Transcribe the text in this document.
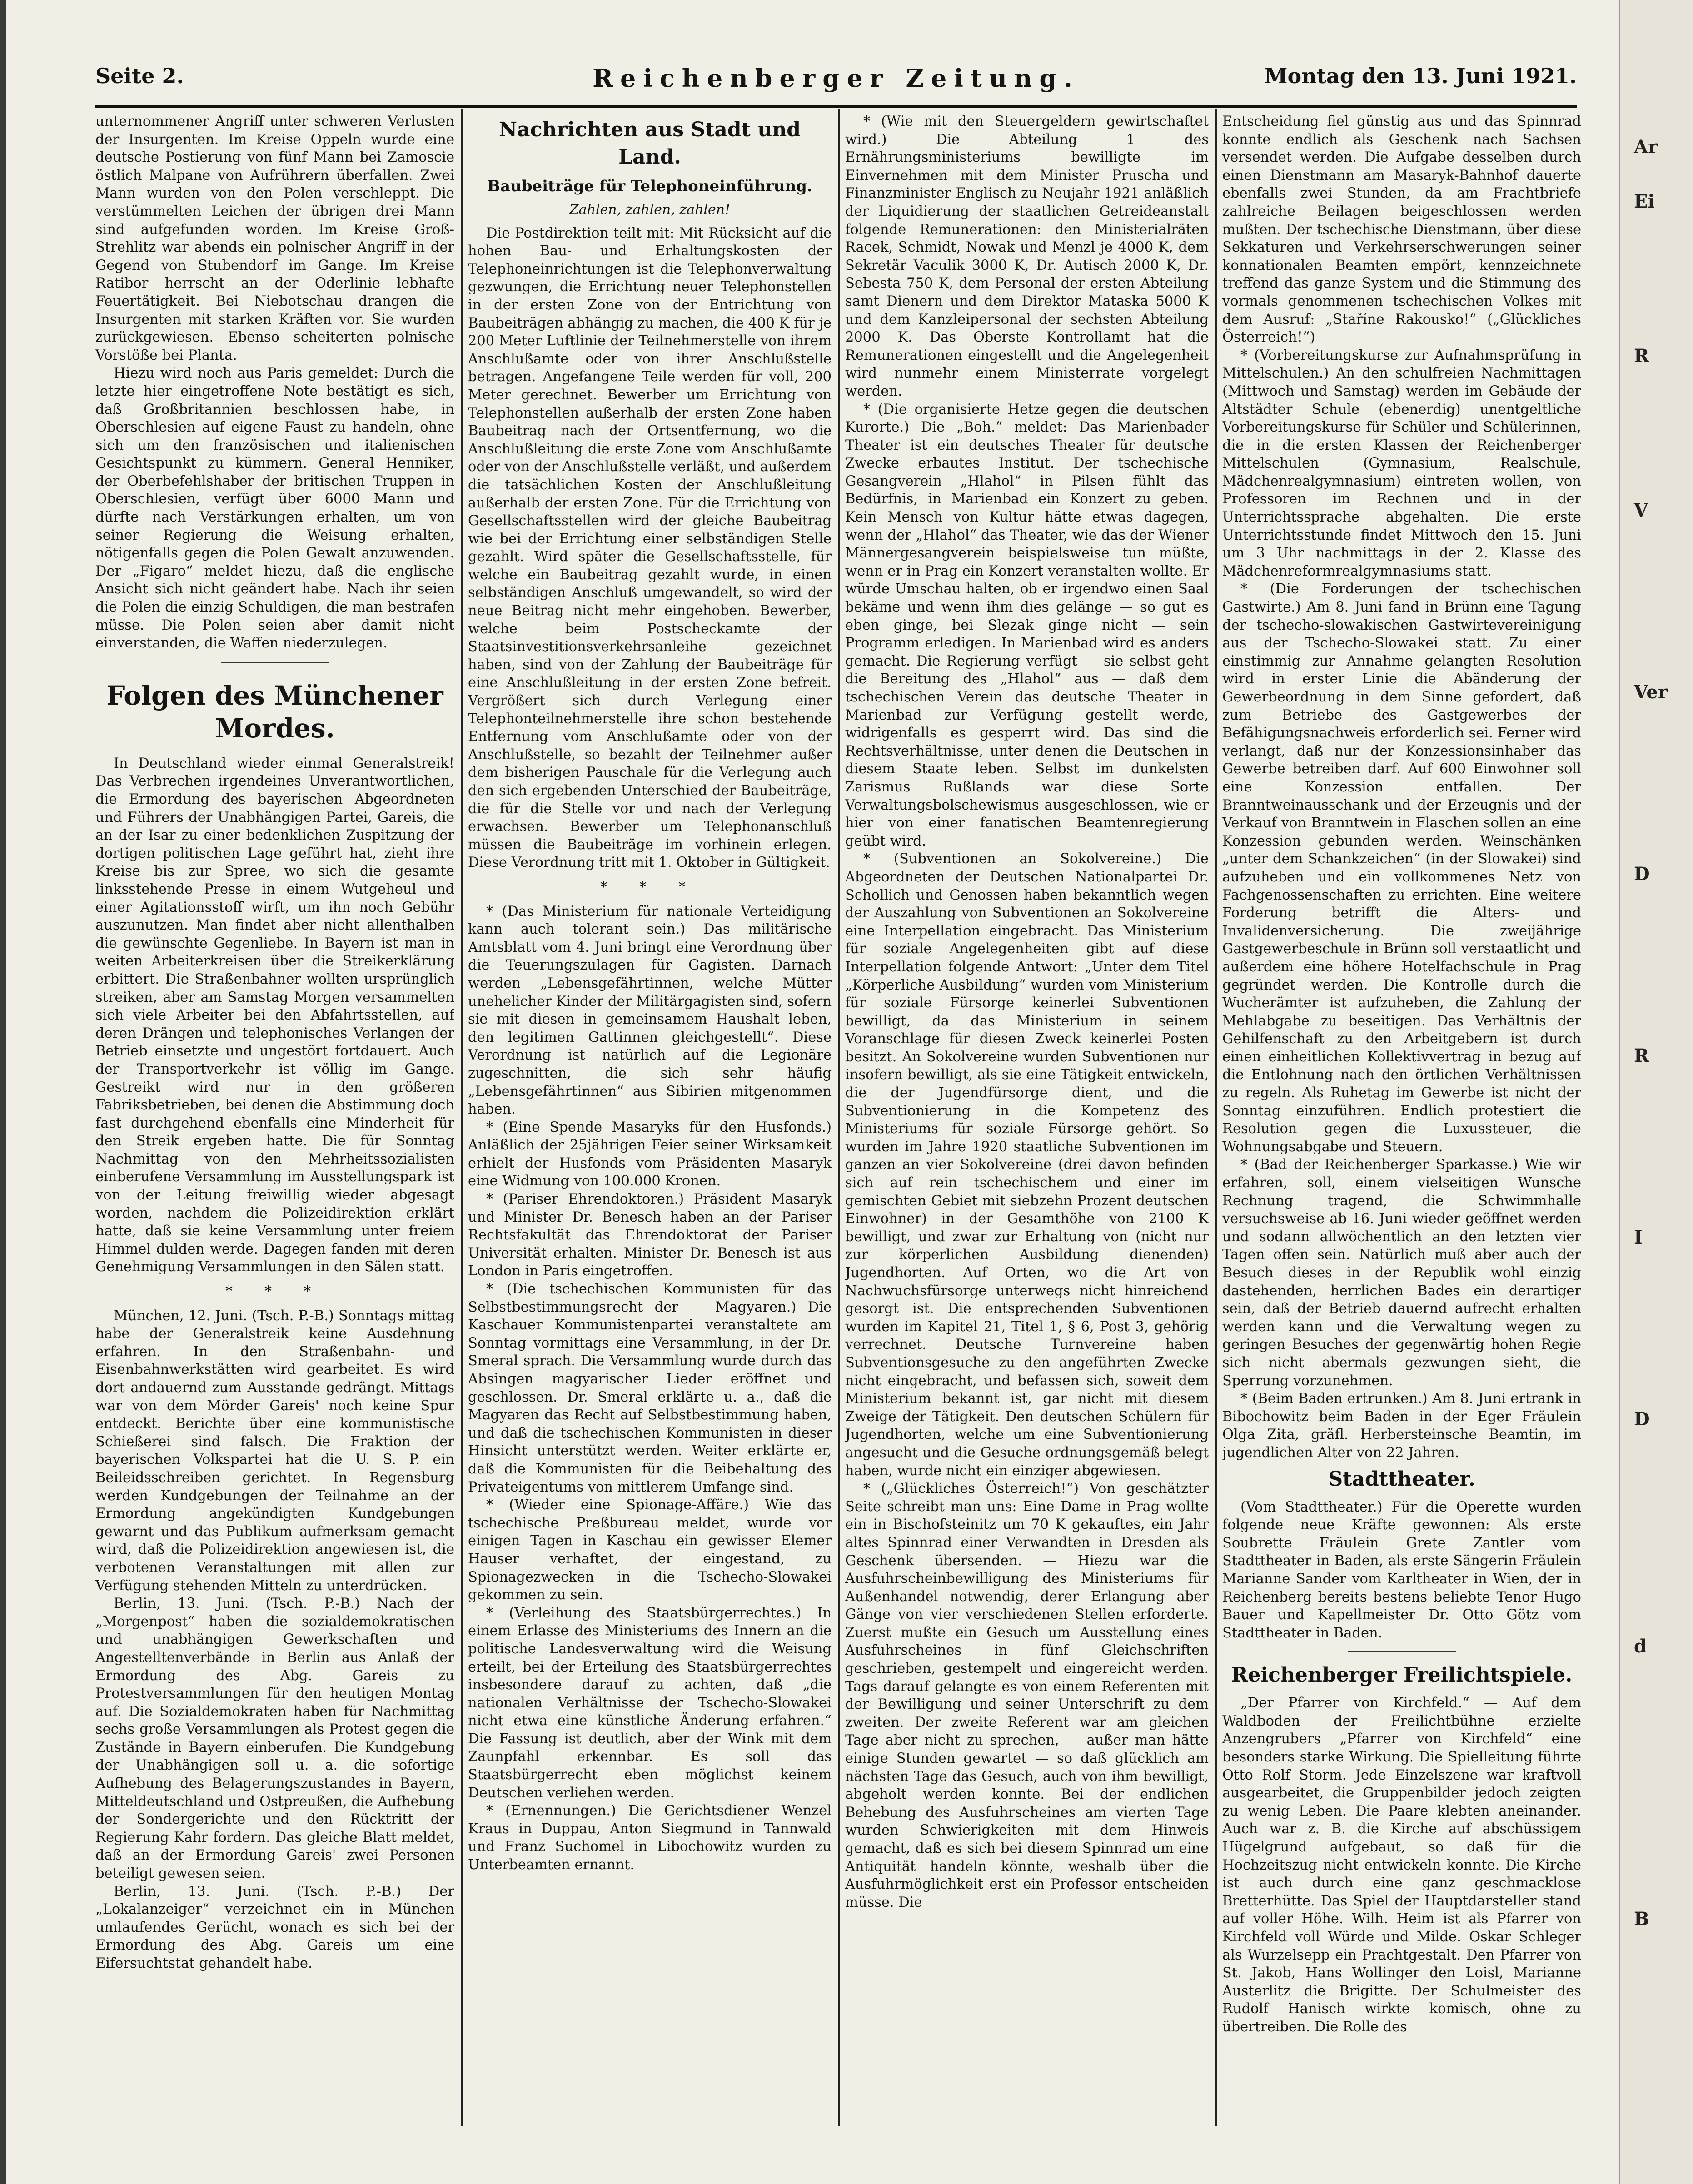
Ar
Ei
R
V
Ver
D
R
I
D
d
B
Reichenberger Zeitung.
Seite 2.	Montag den 13. Juni 1921.

unternommener Angriff unter schweren Verlusten der Insurgenten. Im Kreise Oppeln wurde eine deutsche Postierung von fünf Mann bei Zamoscie östlich Malpane von Aufrührern überfallen. Zwei Mann wurden von den Polen verschleppt. Die verstümmelten Leichen der übrigen drei Mann sind aufgefunden worden. Im Kreise Groß-Strehlitz war abends ein polnischer Angriff in der Gegend von Stubendorf im Gange. Im Kreise Ratibor herrscht an der Oderlinie lebhafte Feuertätigkeit. Bei Niebotschau drangen die Insurgenten mit starken Kräften vor. Sie wurden zurückgewiesen. Ebenso scheiterten polnische Vorstöße bei Planta.

Hiezu wird noch aus Paris gemeldet: Durch die letzte hier eingetroffene Note bestätigt es sich, daß Großbritannien beschlossen habe, in Oberschlesien auf eigene Faust zu handeln, ohne sich um den französischen und italienischen Gesichtspunkt zu kümmern. General Henniker, der Oberbefehlshaber der britischen Truppen in Oberschlesien, verfügt über 6000 Mann und dürfte nach Verstärkungen erhalten, um von seiner Regierung die Weisung erhalten, nötigenfalls gegen die Polen Gewalt anzuwenden. Der „Figaro“ meldet hiezu, daß die englische Ansicht sich nicht geändert habe. Nach ihr seien die Polen die einzig Schuldigen, die man bestrafen müsse. Die Polen seien aber damit nicht einverstanden, die Waffen niederzulegen.

Folgen des Münchener Mordes.

In Deutschland wieder einmal Generalstreik! Das Verbrechen irgendeines Unverantwortlichen, die Ermordung des bayerischen Abgeordneten und Führers der Unabhängigen Partei, Gareis, die an der Isar zu einer bedenklichen Zuspitzung der dortigen politischen Lage geführt hat, zieht ihre Kreise bis zur Spree, wo sich die gesamte linksstehende Presse in einem Wutgeheul und einer Agitationsstoff wirft, um ihn noch Gebühr auszunutzen. Man findet aber nicht allenthalben die gewünschte Gegenliebe. In Bayern ist man in weiten Arbeiterkreisen über die Streikerklärung erbittert. Die Straßenbahner wollten ursprünglich streiken, aber am Samstag Morgen versammelten sich viele Arbeiter bei den Abfahrtsstellen, auf deren Drängen und telephonisches Verlangen der Betrieb einsetzte und ungestört fortdauert. Auch der Transportverkehr ist völlig im Gange. Gestreikt wird nur in den größeren Fabriksbetrieben, bei denen die Abstimmung doch fast durchgehend ebenfalls eine Minderheit für den Streik ergeben hatte. Die für Sonntag Nachmittag von den Mehrheitssozialisten einberufene Versammlung im Ausstellungspark ist von der Leitung freiwillig wieder abgesagt worden, nachdem die Polizeidirektion erklärt hatte, daß sie keine Versammlung unter freiem Himmel dulden werde. Dagegen fanden mit deren Genehmigung Versammlungen in den Sälen statt.

* * *

München, 12. Juni. (Tsch. P.-B.) Sonntags mittag habe der Generalstreik keine Ausdehnung erfahren. In den Straßenbahn- und Eisenbahnwerkstätten wird gearbeitet. Es wird dort andauernd zum Ausstande gedrängt. Mittags war von dem Mörder Gareis' noch keine Spur entdeckt. Berichte über eine kommunistische Schießerei sind falsch. Die Fraktion der bayerischen Volkspartei hat die U. S. P. ein Beileidsschreiben gerichtet. In Regensburg werden Kundgebungen der Teilnahme an der Ermordung angekündigten Kundgebungen gewarnt und das Publikum aufmerksam gemacht wird, daß die Polizeidirektion angewiesen ist, die verbotenen Veranstaltungen mit allen zur Verfügung stehenden Mitteln zu unterdrücken.

Berlin, 13. Juni. (Tsch. P.-B.) Nach der „Morgenpost“ haben die sozialdemokratischen und unabhängigen Gewerkschaften und Angestelltenverbände in Berlin aus Anlaß der Ermordung des Abg. Gareis zu Protestversammlungen für den heutigen Montag auf. Die Sozialdemokraten haben für Nachmittag sechs große Versammlungen als Protest gegen die Zustände in Bayern einberufen. Die Kundgebung der Unabhängigen soll u. a. die sofortige Aufhebung des Belagerungszustandes in Bayern, Mitteldeutschland und Ostpreußen, die Aufhebung der Sondergerichte und den Rücktritt der Regierung Kahr fordern. Das gleiche Blatt meldet, daß an der Ermordung Gareis' zwei Personen beteiligt gewesen seien.

Berlin, 13. Juni. (Tsch. P.-B.) Der „Lokalanzeiger“ verzeichnet ein in München umlaufendes Gerücht, wonach es sich bei der Ermordung des Abg. Gareis um eine Eifersuchtstat gehandelt habe.

Nachrichten aus Stadt und Land.
Baubeiträge für Telephoneinführung.
Zahlen, zahlen, zahlen!

Die Postdirektion teilt mit: Mit Rücksicht auf die hohen Bau- und Erhaltungskosten der Telephoneinrichtungen ist die Telephonverwaltung gezwungen, die Errichtung neuer Telephonstellen in der ersten Zone von der Entrichtung von Baubeiträgen abhängig zu machen, die 400 K für je 200 Meter Luftlinie der Teilnehmerstelle von ihrem Anschlußamte oder von ihrer Anschlußstelle betragen. Angefangene Teile werden für voll, 200 Meter gerechnet. Bewerber um Errichtung von Telephonstellen außerhalb der ersten Zone haben Baubeitrag nach der Ortsentfernung, wo die Anschlußleitung die erste Zone vom Anschlußamte oder von der Anschlußstelle verläßt, und außerdem die tatsächlichen Kosten der Anschlußleitung außerhalb der ersten Zone. Für die Errichtung von Gesellschaftsstellen wird der gleiche Baubeitrag wie bei der Errichtung einer selbständigen Stelle gezahlt. Wird später die Gesellschaftsstelle, für welche ein Baubeitrag gezahlt wurde, in einen selbständigen Anschluß umgewandelt, so wird der neue Beitrag nicht mehr eingehoben. Bewerber, welche beim Postscheckamte der Staatsinvestitionsverkehrsanleihe gezeichnet haben, sind von der Zahlung der Baubeiträge für eine Anschlußleitung in der ersten Zone befreit. Vergrößert sich durch Verlegung einer Telephonteilnehmerstelle ihre schon bestehende Entfernung vom Anschlußamte oder von der Anschlußstelle, so bezahlt der Teilnehmer außer dem bisherigen Pauschale für die Verlegung auch den sich ergebenden Unterschied der Baubeiträge, die für die Stelle vor und nach der Verlegung erwachsen. Bewerber um Telephonanschluß müssen die Baubeiträge im vorhinein erlegen. Diese Verordnung tritt mit 1. Oktober in Gültigkeit.

* * *

* (Das Ministerium für nationale Verteidigung kann auch tolerant sein.) Das militärische Amtsblatt vom 4. Juni bringt eine Verordnung über die Teuerungszulagen für Gagisten. Darnach werden „Lebensgefährtinnen, welche Mütter unehelicher Kinder der Militärgagisten sind, sofern sie mit diesen in gemeinsamem Haushalt leben, den legitimen Gattinnen gleichgestellt“. Diese Verordnung ist natürlich auf die Legionäre zugeschnitten, die sich sehr häufig „Lebensgefährtinnen“ aus Sibirien mitgenommen haben.

* (Eine Spende Masaryks für den Husfonds.) Anläßlich der 25jährigen Feier seiner Wirksamkeit erhielt der Husfonds vom Präsidenten Masaryk eine Widmung von 100.000 Kronen.

* (Pariser Ehrendoktoren.) Präsident Masaryk und Minister Dr. Benesch haben an der Pariser Rechtsfakultät das Ehrendoktorat der Pariser Universität erhalten. Minister Dr. Benesch ist aus London in Paris eingetroffen.

* (Die tschechischen Kommunisten für das Selbstbestimmungsrecht der — Magyaren.) Die Kaschauer Kommunistenpartei veranstaltete am Sonntag vormittags eine Versammlung, in der Dr. Smeral sprach. Die Versammlung wurde durch das Absingen magyarischer Lieder eröffnet und geschlossen. Dr. Smeral erklärte u. a., daß die Magyaren das Recht auf Selbstbestimmung haben, und daß die tschechischen Kommunisten in dieser Hinsicht unterstützt werden. Weiter erklärte er, daß die Kommunisten für die Beibehaltung des Privateigentums von mittlerem Umfange sind.

* (Wieder eine Spionage-Affäre.) Wie das tschechische Preßbureau meldet, wurde vor einigen Tagen in Kaschau ein gewisser Elemer Hauser verhaftet, der eingestand, zu Spionagezwecken in die Tschecho-Slowakei gekommen zu sein.

* (Verleihung des Staatsbürgerrechtes.) In einem Erlasse des Ministeriums des Innern an die politische Landesverwaltung wird die Weisung erteilt, bei der Erteilung des Staatsbürgerrechtes insbesondere darauf zu achten, daß „die nationalen Verhältnisse der Tschecho-Slowakei nicht etwa eine künstliche Änderung erfahren.“ Die Fassung ist deutlich, aber der Wink mit dem Zaunpfahl erkennbar. Es soll das Staatsbürgerrecht eben möglichst keinem Deutschen verliehen werden.

* (Ernennungen.) Die Gerichtsdiener Wenzel Kraus in Duppau, Anton Siegmund in Tannwald und Franz Suchomel in Libochowitz wurden zu Unterbeamten ernannt.

* (Wie mit den Steuergeldern gewirtschaftet wird.) Die Abteilung 1 des Ernährungsministeriums bewilligte im Einvernehmen mit dem Minister Pruscha und Finanzminister Englisch zu Neujahr 1921 anläßlich der Liquidierung der staatlichen Getreideanstalt folgende Remunerationen: den Ministerialräten Racek, Schmidt, Nowak und Menzl je 4000 K, dem Sekretär Vaculik 3000 K, Dr. Autisch 2000 K, Dr. Sebesta 750 K, dem Personal der ersten Abteilung samt Dienern und dem Direktor Mataska 5000 K und dem Kanzleipersonal der sechsten Abteilung 2000 K. Das Oberste Kontrollamt hat die Remunerationen eingestellt und die Angelegenheit wird nunmehr einem Ministerrate vorgelegt werden.

* (Die organisierte Hetze gegen die deutschen Kurorte.) Die „Boh.“ meldet: Das Marienbader Theater ist ein deutsches Theater für deutsche Zwecke erbautes Institut. Der tschechische Gesangverein „Hlahol“ in Pilsen fühlt das Bedürfnis, in Marienbad ein Konzert zu geben. Kein Mensch von Kultur hätte etwas dagegen, wenn der „Hlahol“ das Theater, wie das der Wiener Männergesangverein beispielsweise tun müßte, wenn er in Prag ein Konzert veranstalten wollte. Er würde Umschau halten, ob er irgendwo einen Saal bekäme und wenn ihm dies gelänge — so gut es eben ginge, bei Slezak ginge nicht — sein Programm erledigen. In Marienbad wird es anders gemacht. Die Regierung verfügt — sie selbst geht die Bereitung des „Hlahol“ aus — daß dem tschechischen Verein das deutsche Theater in Marienbad zur Verfügung gestellt werde, widrigenfalls es gesperrt wird. Das sind die Rechtsverhältnisse, unter denen die Deutschen in diesem Staate leben. Selbst im dunkelsten Zarismus Rußlands war diese Sorte Verwaltungsbolschewismus ausgeschlossen, wie er hier von einer fanatischen Beamtenregierung geübt wird.

* (Subventionen an Sokolvereine.) Die Abgeordneten der Deutschen Nationalpartei Dr. Schollich und Genossen haben bekanntlich wegen der Auszahlung von Subventionen an Sokolvereine eine Interpellation eingebracht. Das Ministerium für soziale Angelegenheiten gibt auf diese Interpellation folgende Antwort: „Unter dem Titel „Körperliche Ausbildung“ wurden vom Ministerium für soziale Fürsorge keinerlei Subventionen bewilligt, da das Ministerium in seinem Voranschlage für diesen Zweck keinerlei Posten besitzt. An Sokolvereine wurden Subventionen nur insofern bewilligt, als sie eine Tätigkeit entwickeln, die der Jugendfürsorge dient, und die Subventionierung in die Kompetenz des Ministeriums für soziale Fürsorge gehört. So wurden im Jahre 1920 staatliche Subventionen im ganzen an vier Sokolvereine (drei davon befinden sich auf rein tschechischem und einer im gemischten Gebiet mit siebzehn Prozent deutschen Einwohner) in der Gesamthöhe von 2100 K bewilligt, und zwar zur Erhaltung von (nicht nur zur körperlichen Ausbildung dienenden) Jugendhorten. Auf Orten, wo die Art von Nachwuchsfürsorge unterwegs nicht hinreichend gesorgt ist. Die entsprechenden Subventionen wurden im Kapitel 21, Titel 1, § 6, Post 3, gehörig verrechnet. Deutsche Turnvereine haben Subventionsgesuche zu den angeführten Zwecke nicht eingebracht, und befassen sich, soweit dem Ministerium bekannt ist, gar nicht mit diesem Zweige der Tätigkeit. Den deutschen Schülern für Jugendhorten, welche um eine Subventionierung angesucht und die Gesuche ordnungsgemäß belegt haben, wurde nicht ein einziger abgewiesen.

* („Glückliches Österreich!“) Von geschätzter Seite schreibt man uns: Eine Dame in Prag wollte ein in Bischofsteinitz um 70 K gekauftes, ein Jahr altes Spinnrad einer Verwandten in Dresden als Geschenk übersenden. — Hiezu war die Ausfuhrscheinbewilligung des Ministeriums für Außenhandel notwendig, derer Erlangung aber Gänge von vier verschiedenen Stellen erforderte. Zuerst mußte ein Gesuch um Ausstellung eines Ausfuhrscheines in fünf Gleichschriften geschrieben, gestempelt und eingereicht werden. Tags darauf gelangte es von einem Referenten mit der Bewilligung und seiner Unterschrift zu dem zweiten. Der zweite Referent war am gleichen Tage aber nicht zu sprechen, — außer man hätte einige Stunden gewartet — so daß glücklich am nächsten Tage das Gesuch, auch von ihm bewilligt, abgeholt werden konnte. Bei der endlichen Behebung des Ausfuhrscheines am vierten Tage wurden Schwierigkeiten mit dem Hinweis gemacht, daß es sich bei diesem Spinnrad um eine Antiquität handeln könnte, weshalb über die Ausfuhrmöglichkeit erst ein Professor entscheiden müsse. Die

Entscheidung fiel günstig aus und das Spinnrad konnte endlich als Geschenk nach Sachsen versendet werden. Die Aufgabe desselben durch einen Dienstmann am Masaryk-Bahnhof dauerte ebenfalls zwei Stunden, da am Frachtbriefe zahlreiche Beilagen beigeschlossen werden mußten. Der tschechische Dienstmann, über diese Sekkaturen und Verkehrserschwerungen seiner konnationalen Beamten empört, kennzeichnete treffend das ganze System und die Stimmung des vormals genommenen tschechischen Volkes mit dem Ausruf: „Staříne Rakousko!“ („Glückliches Österreich!“)

* (Vorbereitungskurse zur Aufnahmsprüfung in Mittelschulen.) An den schulfreien Nachmittagen (Mittwoch und Samstag) werden im Gebäude der Altstädter Schule (ebenerdig) unentgeltliche Vorbereitungskurse für Schüler und Schülerinnen, die in die ersten Klassen der Reichenberger Mittelschulen (Gymnasium, Realschule, Mädchenrealgymnasium) eintreten wollen, von Professoren im Rechnen und in der Unterrichtssprache abgehalten. Die erste Unterrichtsstunde findet Mittwoch den 15. Juni um 3 Uhr nachmittags in der 2. Klasse des Mädchenreformrealgymnasiums statt.

* (Die Forderungen der tschechischen Gastwirte.) Am 8. Juni fand in Brünn eine Tagung der tschecho-slowakischen Gastwirtevereinigung aus der Tschecho-Slowakei statt. Zu einer einstimmig zur Annahme gelangten Resolution wird in erster Linie die Abänderung der Gewerbeordnung in dem Sinne gefordert, daß zum Betriebe des Gastgewerbes der Befähigungsnachweis erforderlich sei. Ferner wird verlangt, daß nur der Konzessionsinhaber das Gewerbe betreiben darf. Auf 600 Einwohner soll eine Konzession entfallen. Der Branntweinausschank und der Erzeugnis und der Verkauf von Branntwein in Flaschen sollen an eine Konzession gebunden werden. Weinschänken „unter dem Schankzeichen“ (in der Slowakei) sind aufzuheben und ein vollkommenes Netz von Fachgenossenschaften zu errichten. Eine weitere Forderung betrifft die Alters- und Invalidenversicherung. Die zweijährige Gastgewerbeschule in Brünn soll verstaatlicht und außerdem eine höhere Hotelfachschule in Prag gegründet werden. Die Kontrolle durch die Wucherämter ist aufzuheben, die Zahlung der Mehlabgabe zu beseitigen. Das Verhältnis der Gehilfenschaft zu den Arbeitgebern ist durch einen einheitlichen Kollektivvertrag in bezug auf die Entlohnung nach den örtlichen Verhältnissen zu regeln. Als Ruhetag im Gewerbe ist nicht der Sonntag einzuführen. Endlich protestiert die Resolution gegen die Luxussteuer, die Wohnungsabgabe und Steuern.

* (Bad der Reichenberger Sparkasse.) Wie wir erfahren, soll, einem vielseitigen Wunsche Rechnung tragend, die Schwimmhalle versuchsweise ab 16. Juni wieder geöffnet werden und sodann allwöchentlich an den letzten vier Tagen offen sein. Natürlich muß aber auch der Besuch dieses in der Republik wohl einzig dastehenden, herrlichen Bades ein derartiger sein, daß der Betrieb dauernd aufrecht erhalten werden kann und die Verwaltung wegen zu geringen Besuches der gegenwärtig hohen Regie sich nicht abermals gezwungen sieht, die Sperrung vorzunehmen.

* (Beim Baden ertrunken.) Am 8. Juni ertrank in Bibochowitz beim Baden in der Eger Fräulein Olga Zita, gräfl. Herbersteinsche Beamtin, im jugendlichen Alter von 22 Jahren.

Stadttheater.

(Vom Stadttheater.) Für die Operette wurden folgende neue Kräfte gewonnen: Als erste Soubrette Fräulein Grete Zantler vom Stadttheater in Baden, als erste Sängerin Fräulein Marianne Sander vom Karltheater in Wien, der in Reichenberg bereits bestens beliebte Tenor Hugo Bauer und Kapellmeister Dr. Otto Götz vom Stadttheater in Baden.

Reichenberger Freilichtspiele.

„Der Pfarrer von Kirchfeld.“ — Auf dem Waldboden der Freilichtbühne erzielte Anzengrubers „Pfarrer von Kirchfeld“ eine besonders starke Wirkung. Die Spielleitung führte Otto Rolf Storm. Jede Einzelszene war kraftvoll ausgearbeitet, die Gruppenbilder jedoch zeigten zu wenig Leben. Die Paare klebten aneinander. Auch war z. B. die Kirche auf abschüssigem Hügelgrund aufgebaut, so daß für die Hochzeitszug nicht entwickeln konnte. Die Kirche ist auch durch eine ganz geschmacklose Bretterhütte. Das Spiel der Hauptdarsteller stand auf voller Höhe. Wilh. Heim ist als Pfarrer von Kirchfeld voll Würde und Milde. Oskar Schleger als Wurzelsepp ein Prachtgestalt. Den Pfarrer von St. Jakob, Hans Wollinger den Loisl, Marianne Austerlitz die Brigitte. Der Schulmeister des Rudolf Hanisch wirkte komisch, ohne zu übertreiben. Die Rolle des
